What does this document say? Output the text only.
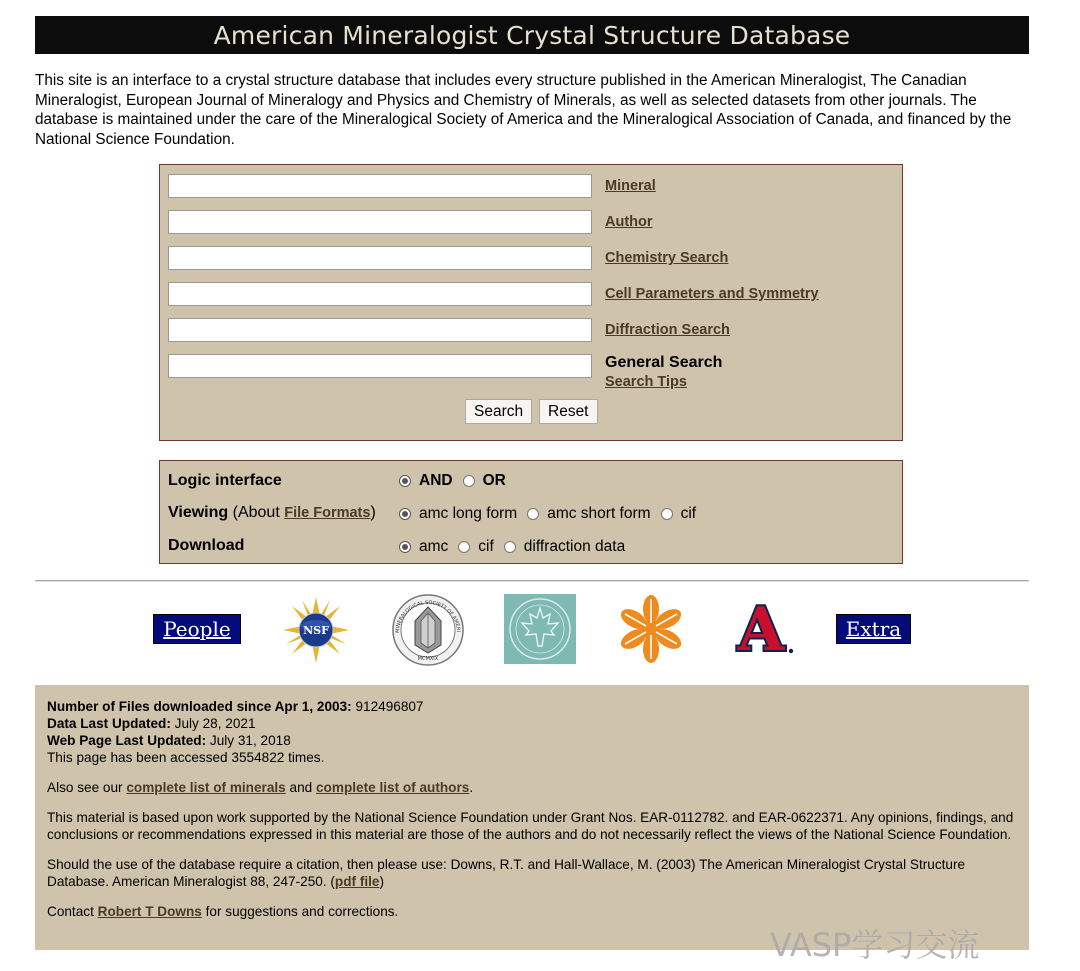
American Mineralogist Crystal Structure Database

This site is an interface to a crystal structure database that includes every structure published in the American Mineralogist, The Canadian Mineralogist, European Journal of Mineralogy and Physics and Chemistry of Minerals, as well as selected datasets from other journals. The database is maintained under the care of the Mineralogical Society of America and the Mineralogical Association of Canada, and financed by the National Science Foundation.

Mineral
Author
Chemistry Search
Cell Parameters and Symmetry
Diffraction Search
General Search
Search Tips
Search	Reset
Logic interface	AND OR
Viewing (About File Formats)	amc long form amc short form cif
Download	amc cif diffraction data
People	NSF	MINERALOGICAL SOCIETY OF AMERI
MCMXIX	A	Extra

Number of Files downloaded since Apr 1, 2003: 912496807
Data Last Updated: July 28, 2021
Web Page Last Updated: July 31, 2018
This page has been accessed 3554822 times.

Also see our complete list of minerals and complete list of authors.

This material is based upon work supported by the National Science Foundation under Grant Nos. EAR-0112782. and EAR-0622371. Any opinions, findings, and conclusions or recommendations expressed in this material are those of the authors and do not necessarily reflect the views of the National Science Foundation.

Should the use of the database require a citation, then please use: Downs, R.T. and Hall-Wallace, M. (2003) The American Mineralogist Crystal Structure Database. American Mineralogist 88, 247-250. (pdf file)

Contact Robert T Downs for suggestions and corrections.

VASP学习交流
